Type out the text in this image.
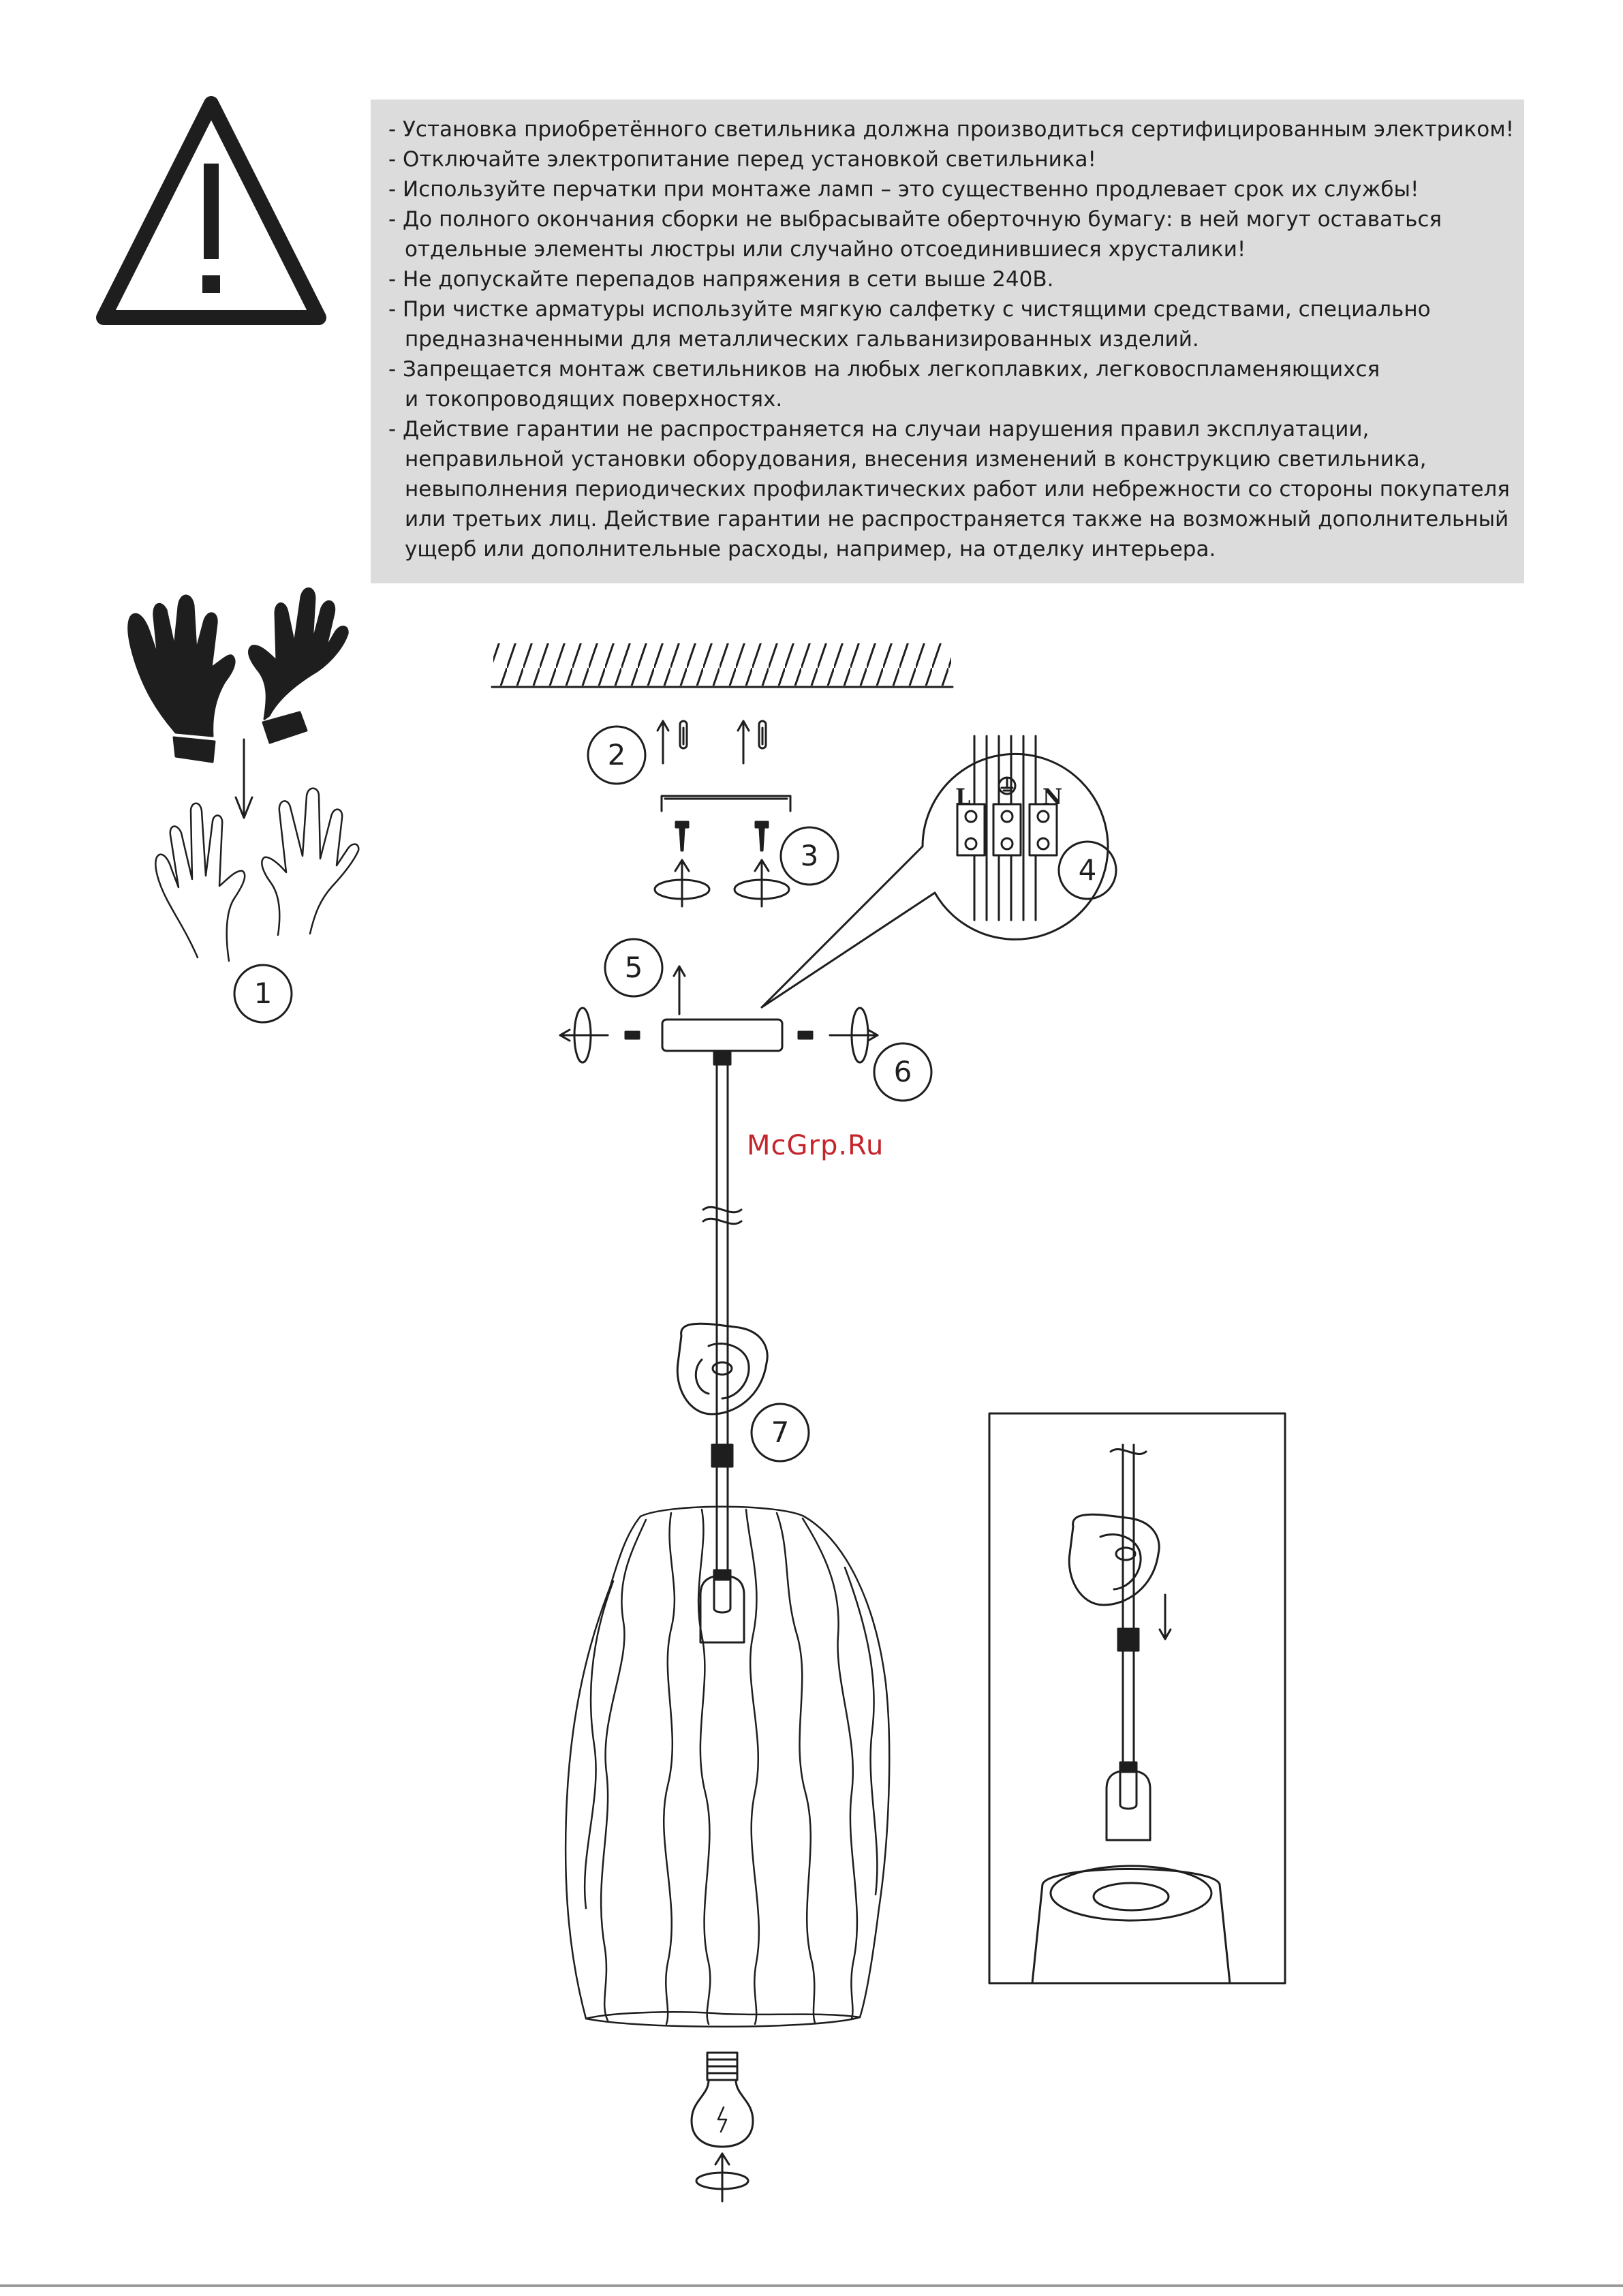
- Установка приобретённого светильника должна производиться сертифицированным электриком!
- Отключайте электропитание перед установкой светильника!
- Используйте перчатки при монтаже ламп – это существенно продлевает срок их службы!
- До полного окончания сборки не выбрасывайте оберточную бумагу: в ней могут оставаться
отдельные элементы люстры или случайно отсоединившиеся хрусталики!
- Не допускайте перепадов напряжения в сети выше 240В.
- При чистке арматуры используйте мягкую салфетку с чистящими средствами, специально
предназначенными для металлических гальванизированных изделий.
- Запрещается монтаж светильников на любых легкоплавких, легковоспламеняющихся
и токопроводящих поверхностях.
- Действие гарантии не распространяется на случаи нарушения правил эксплуатации,
неправильной установки оборудования, внесения изменений в конструкцию светильника,
невыполнения периодических профилактических работ или небрежности со стороны покупателя
или третьих лиц. Действие гарантии не распространяется также на возможный дополнительный
ущерб или дополнительные расходы, например, на отделку интерьера.
L	N
1
2
3	4
5
6
7
McGrp.Ru
